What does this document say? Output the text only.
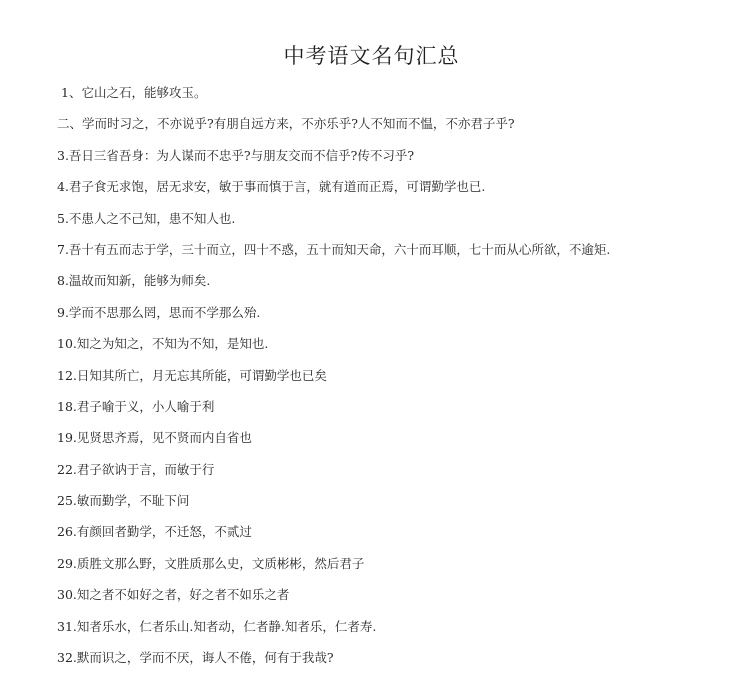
中考语文名句汇总
1、它山之石，能够攻玉。
二、学而时习之，不亦说乎?有朋自远方来，不亦乐乎?人不知而不愠，不亦君子乎?
3.吾日三省吾身：为人谋而不忠乎?与朋友交而不信乎?传不习乎?
4.君子食无求饱，居无求安，敏于事而慎于言，就有道而正焉，可谓勤学也已.
5.不患人之不己知，患不知人也.
7.吾十有五而志于学，三十而立，四十不惑，五十而知天命，六十而耳顺，七十而从心所欲，不逾矩.
8.温故而知新，能够为师矣.
9.学而不思那么罔，思而不学那么殆.
10.知之为知之，不知为不知，是知也.
12.日知其所亡，月无忘其所能，可谓勤学也已矣
18.君子喻于义，小人喻于利
19.见贤思齐焉，见不贤而内自省也
22.君子欲讷于言，而敏于行
25.敏而勤学，不耻下问
26.有颜回者勤学，不迁怒，不贰过
29.质胜文那么野，文胜质那么史，文质彬彬，然后君子
30.知之者不如好之者，好之者不如乐之者
31.知者乐水，仁者乐山.知者动，仁者静.知者乐，仁者寿.
32.默而识之，学而不厌，诲人不倦，何有于我哉?
